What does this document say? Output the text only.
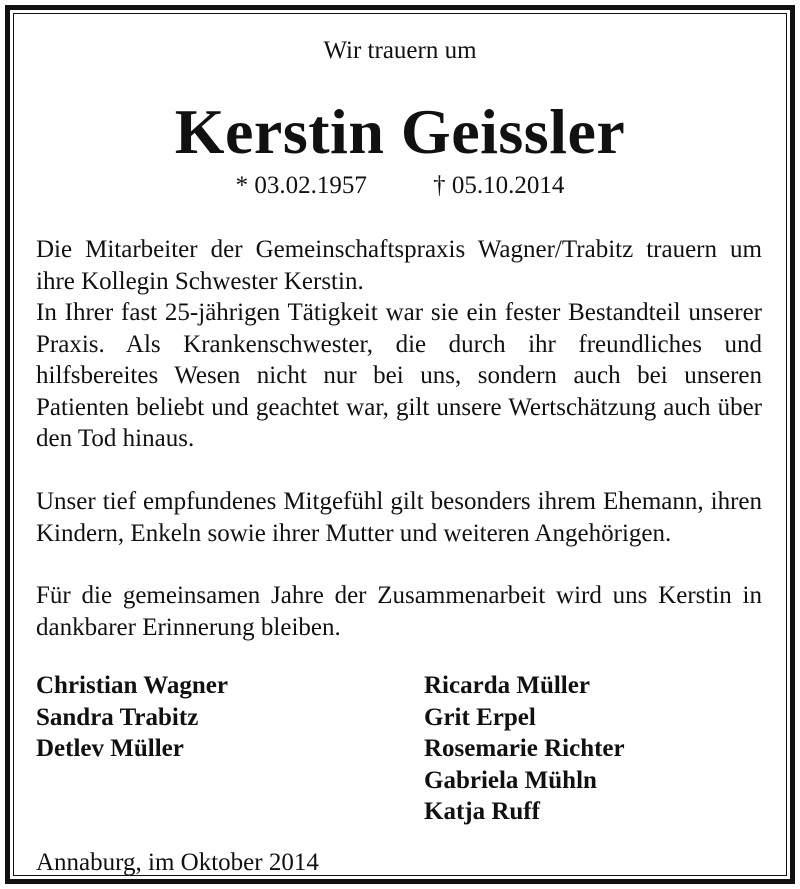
Wir trauern um
Kerstin Geissler
* 03.02.1957	† 05.10.2014

Die Mitarbeiter der Gemeinschaftspraxis Wagner/Trabitz trauern um ihre Kollegin Schwester Kerstin.

In Ihrer fast 25-jährigen Tätigkeit war sie ein fester Bestandteil unserer Praxis. Als Krankenschwester, die durch ihr freundliches und hilfsbereites Wesen nicht nur bei uns, sondern auch bei unseren Patienten beliebt und geachtet war, gilt unsere Wertschätzung auch über den Tod hinaus.

Unser tief empfundenes Mitgefühl gilt besonders ihrem Ehemann, ihren Kindern, Enkeln sowie ihrer Mutter und weiteren Angehörigen.

Für die gemeinsamen Jahre der Zusammenarbeit wird uns Kerstin in dankbarer Erinnerung bleiben.

Christian Wagner
Sandra Trabitz
Detlev Müller
Ricarda Müller
Grit Erpel
Rosemarie Richter
Gabriela Mühln
Katja Ruff
Annaburg, im Oktober 2014
